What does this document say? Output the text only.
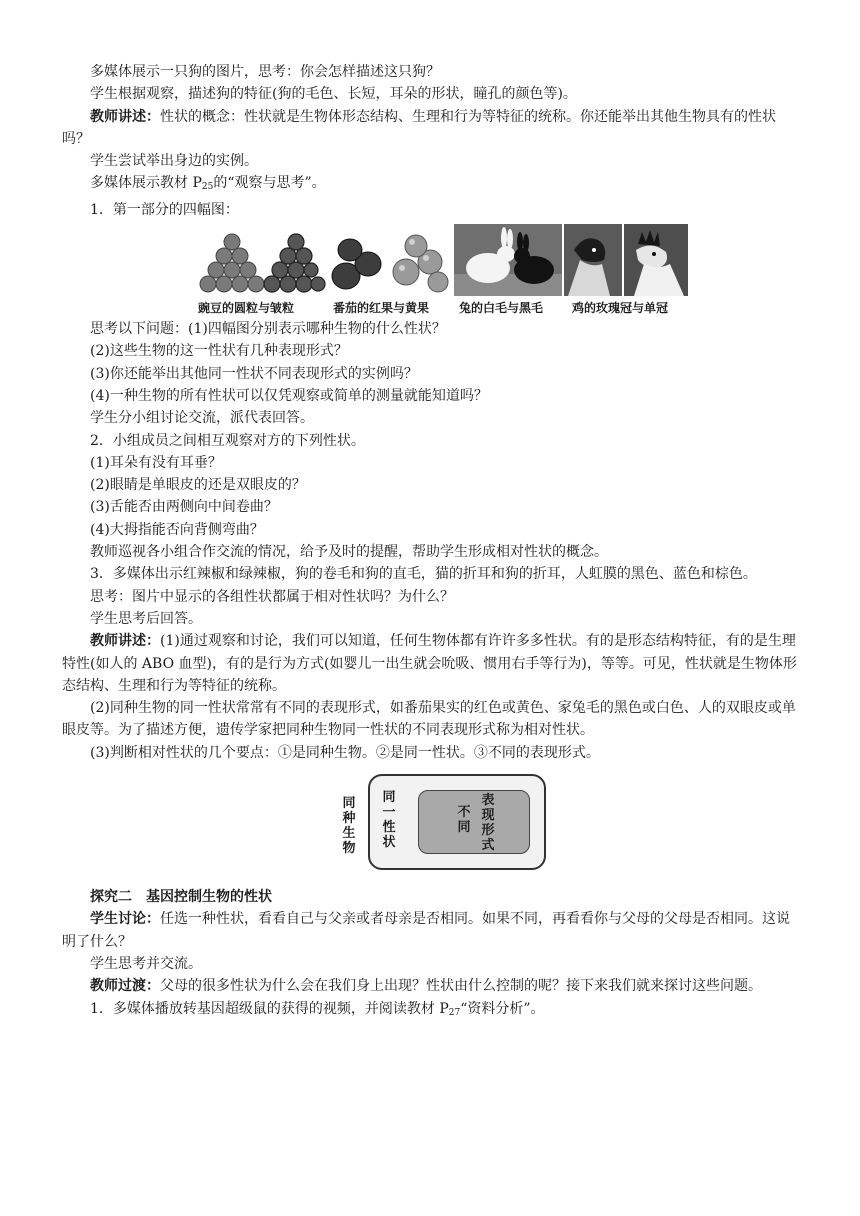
多媒体展示一只狗的图片，思考：你会怎样描述这只狗？

学生根据观察，描述狗的特征(狗的毛色、长短，耳朵的形状，瞳孔的颜色等)。

教师讲述：性状的概念：性状就是生物体形态结构、生理和行为等特征的统称。你还能举出其他生物具有的性状吗？

学生尝试举出身边的实例。

多媒体展示教材 $P_{25}$的“观察与思考”。

1．第一部分的四幅图：

豌豆的圆粒与皱粒	番茄的红果与黄果 兔的白毛与黑毛 鸡的玫瑰冠与单冠

思考以下问题：(1)四幅图分别表示哪种生物的什么性状？

(2)这些生物的这一性状有几种表现形式？

(3)你还能举出其他同一性状不同表现形式的实例吗？

(4)一种生物的所有性状可以仅凭观察或简单的测量就能知道吗？

学生分小组讨论交流，派代表回答。

2．小组成员之间相互观察对方的下列性状。

(1)耳朵有没有耳垂？

(2)眼睛是单眼皮的还是双眼皮的？

(3)舌能否由两侧向中间卷曲？

(4)大拇指能否向背侧弯曲？

教师巡视各小组合作交流的情况，给予及时的提醒，帮助学生形成相对性状的概念。

3．多媒体出示红辣椒和绿辣椒，狗的卷毛和狗的直毛，猫的折耳和狗的折耳，人虹膜的黑色、蓝色和棕色。

思考：图片中显示的各组性状都属于相对性状吗？为什么？

学生思考后回答。

教师讲述：(1)通过观察和讨论，我们可以知道，任何生物体都有许许多多性状。有的是形态结构特征，有的是生理特性(如人的 ABO 血型)，有的是行为方式(如婴儿一出生就会吮吸、惯用右手等行为)，等等。可见，性状就是生物体形态结构、生理和行为等特征的统称。

(2)同种生物的同一性状常常有不同的表现形式，如番茄果实的红色或黄色、家兔毛的黑色或白色、人的双眼皮或单眼皮等。为了描述方便，遗传学家把同种生物同一性状的不同表现形式称为相对性状。

(3)判断相对性状的几个要点：①是同种生物。②是同一性状。③不同的表现形式。

同种生物
同一性状
不同
表现形式

探究二　基因控制生物的性状

学生讨论：任选一种性状，看看自己与父亲或者母亲是否相同。如果不同，再看看你与父母的父母是否相同。这说明了什么？

学生思考并交流。

教师过渡：父母的很多性状为什么会在我们身上出现？性状由什么控制的呢？接下来我们就来探讨这些问题。

1．多媒体播放转基因超级鼠的获得的视频，并阅读教材 $P_{27}“$资料分析”。
